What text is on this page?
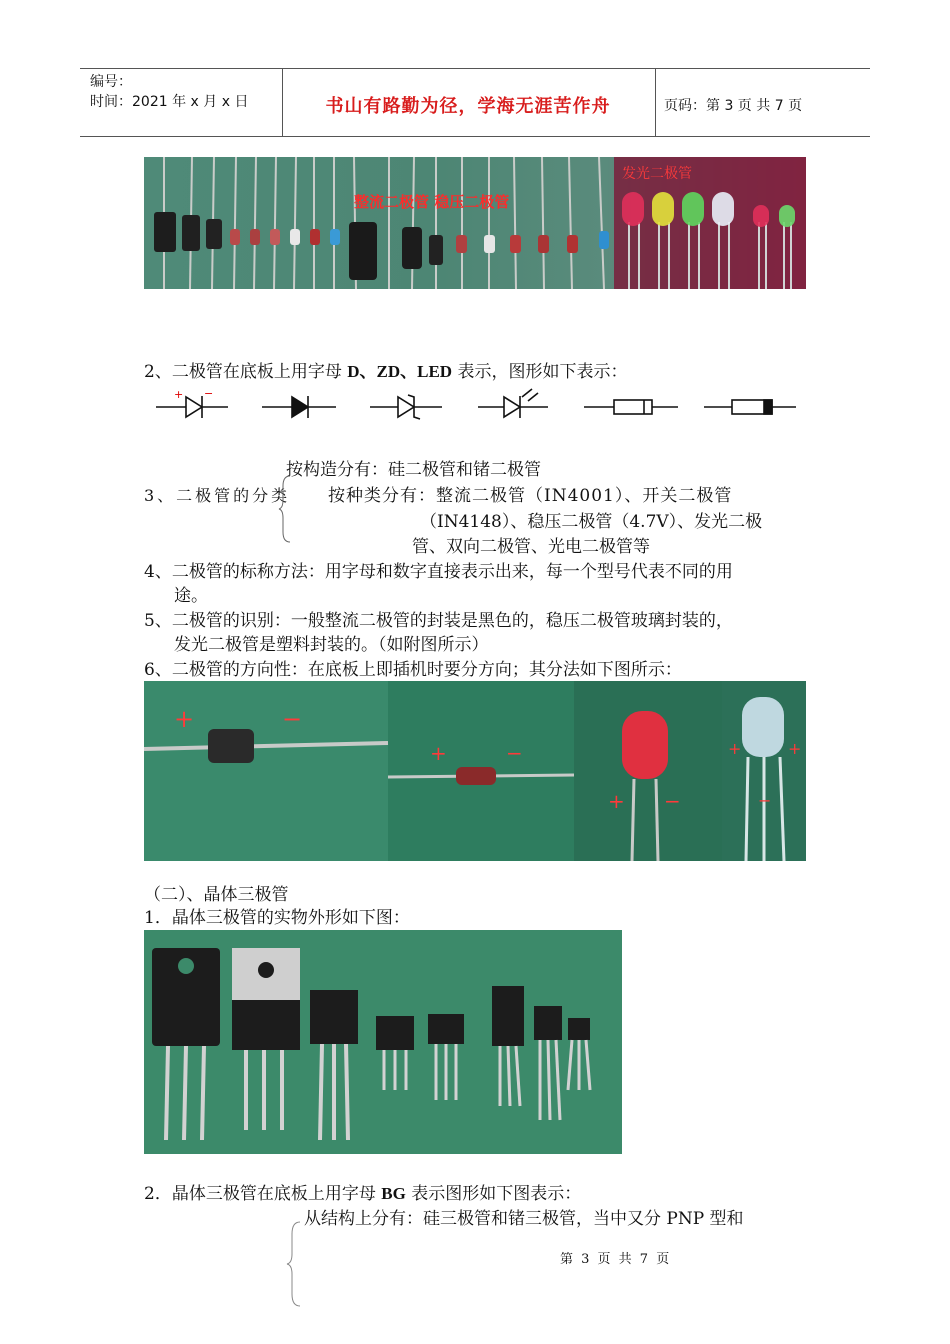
编号：
时间：2021 年 x 月 x 日	书山有路勤为径，学海无涯苦作舟	页码：第 3 页 共 7 页
整流二极管 稳压二极管
发光二极管
2、二极管在底板上用字母 D、ZD、LED 表示，图形如下表示：
+ −
按构造分有：硅二极管和锗二极管
3、二极管的分类 按种类分有：整流二极管（IN4001）、开关二极管
（IN4148）、稳压二极管（4.7V）、发光二极
管、双向二极管、光电二极管等
4、二极管的标称方法：用字母和数字直接表示出来，每一个型号代表不同的用
途。
5、二极管的识别：一般整流二极管的封装是黑色的，稳压二极管玻璃封装的，
发光二极管是塑料封装的。（如附图所示）
6、二极管的方向性：在底板上即插机时要分方向；其分法如下图所示：
+	−
+	−
+ −
+	+
−
（二）、晶体三极管
1．晶体三极管的实物外形如下图：
2．晶体三极管在底板上用字母 BG 表示图形如下图表示：
从结构上分有：硅三极管和锗三极管，当中又分 PNP 型和
第 3 页 共 7 页
